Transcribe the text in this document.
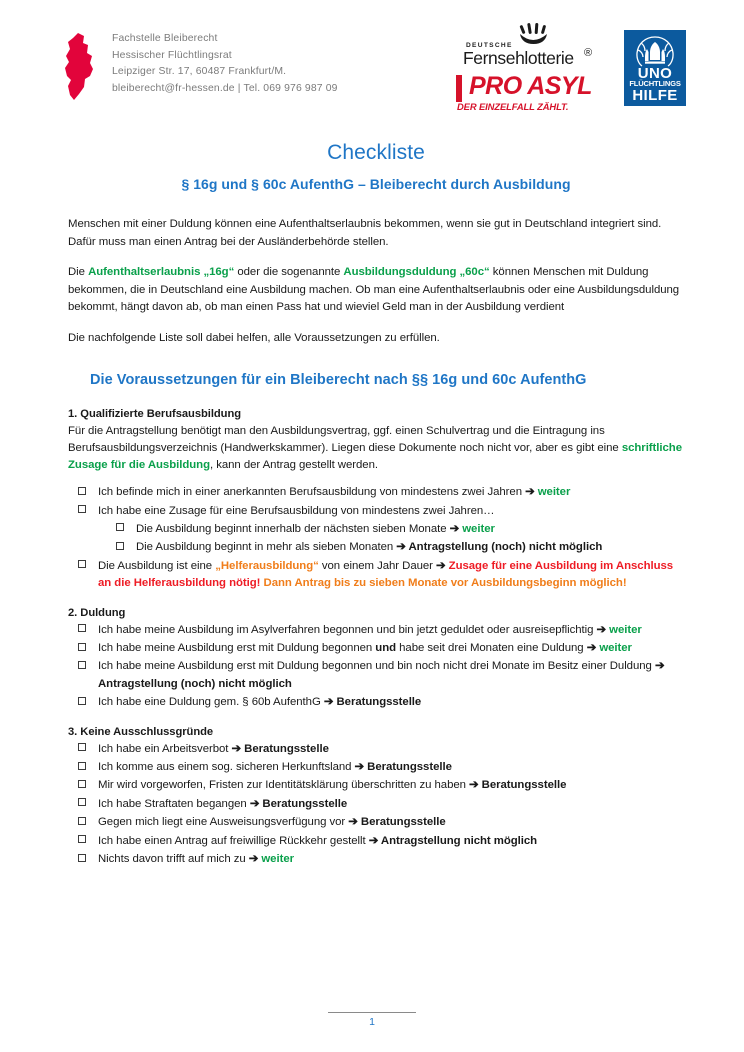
Fachstelle Bleiberecht
Hessischer Flüchtlingsrat
Leipziger Str. 17, 60487 Frankfurt/M.
bleiberecht@fr-hessen.de | Tel. 069 976 987 09
DEUTSCHE
Fernsehlotterie ®
PRO ASYL
DER EINZELFALL ZÄHLT.
UNO
FLÜCHTLINGS
HILFE
Checkliste
§ 16g und § 60c AufenthG – Bleiberecht durch Ausbildung

Menschen mit einer Duldung können eine Aufenthaltserlaubnis bekommen, wenn sie gut in Deutschland integriert sind. Dafür muss man einen Antrag bei der Ausländerbehörde stellen.

Die Aufenthaltserlaubnis „16g“ oder die sogenannte Ausbildungsduldung „60c“ können Menschen mit Duldung bekommen, die in Deutschland eine Ausbildung machen. Ob man eine Aufenthaltserlaubnis oder eine Ausbildungsduldung bekommt, hängt davon ab, ob man einen Pass hat und wieviel Geld man in der Ausbildung verdient

Die nachfolgende Liste soll dabei helfen, alle Voraussetzungen zu erfüllen.

Die Voraussetzungen für ein Bleiberecht nach §§ 16g und 60c AufenthG
1. Qualifizierte Berufsausbildung

Für die Antragstellung benötigt man den Ausbildungsvertrag, ggf. einen Schulvertrag und die Eintragung ins Berufsausbildungsverzeichnis (Handwerkskammer). Liegen diese Dokumente noch nicht vor, aber es gibt eine schriftliche Zusage für die Ausbildung, kann der Antrag gestellt werden.

Ich befinde mich in einer anerkannten Berufsausbildung von mindestens zwei Jahren ➔ weiter
Ich habe eine Zusage für eine Berufsausbildung von mindestens zwei Jahren…
Die Ausbildung beginnt innerhalb der nächsten sieben Monate ➔ weiter
Die Ausbildung beginnt in mehr als sieben Monaten ➔ Antragstellung (noch) nicht möglich
Die Ausbildung ist eine „Helferausbildung“ von einem Jahr Dauer ➔ Zusage für eine Ausbildung im Anschluss an die Helferausbildung nötig! Dann Antrag bis zu sieben Monate vor Ausbildungsbeginn möglich!
2. Duldung
Ich habe meine Ausbildung im Asylverfahren begonnen und bin jetzt geduldet oder ausreisepflichtig ➔ weiter
Ich habe meine Ausbildung erst mit Duldung begonnen und habe seit drei Monaten eine Duldung ➔ weiter
Ich habe meine Ausbildung erst mit Duldung begonnen und bin noch nicht drei Monate im Besitz einer Duldung ➔ Antragstellung (noch) nicht möglich
Ich habe eine Duldung gem. § 60b AufenthG ➔ Beratungsstelle
3. Keine Ausschlussgründe
Ich habe ein Arbeitsverbot ➔ Beratungsstelle
Ich komme aus einem sog. sicheren Herkunftsland ➔ Beratungsstelle
Mir wird vorgeworfen, Fristen zur Identitätsklärung überschritten zu haben ➔ Beratungsstelle
Ich habe Straftaten begangen ➔ Beratungsstelle
Gegen mich liegt eine Ausweisungsverfügung vor ➔ Beratungsstelle
Ich habe einen Antrag auf freiwillige Rückkehr gestellt ➔ Antragstellung nicht möglich
Nichts davon trifft auf mich zu ➔ weiter
1
